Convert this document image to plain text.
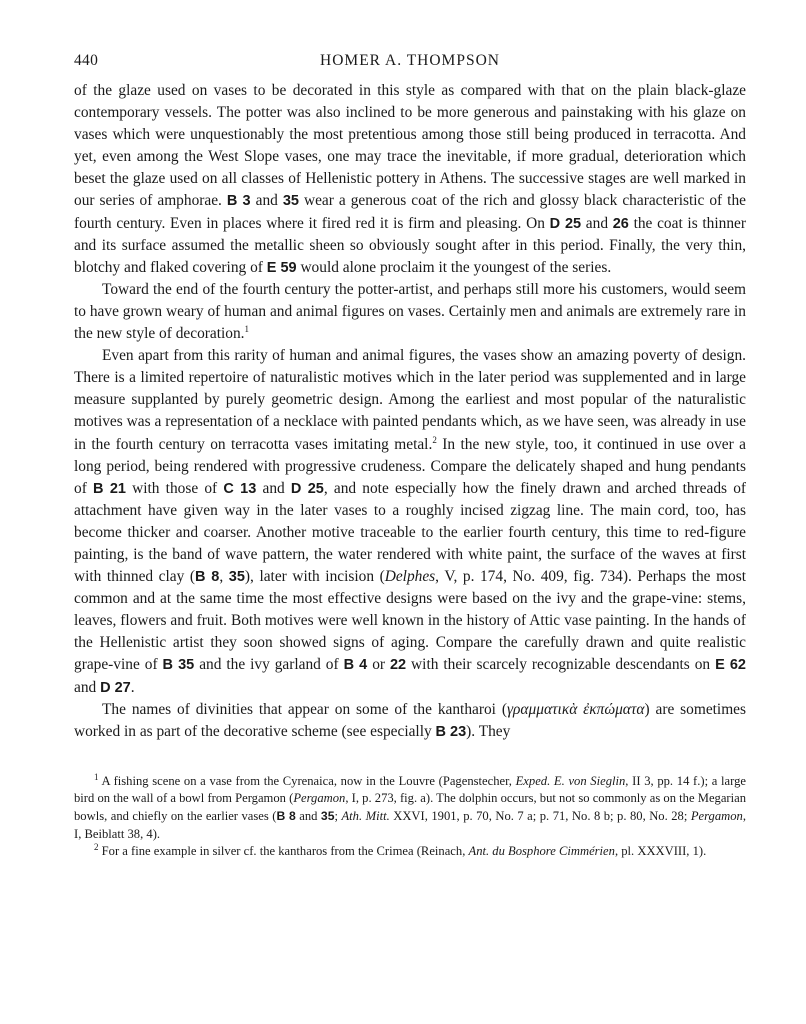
440	HOMER A. THOMPSON

of the glaze used on vases to be decorated in this style as compared with that on the plain black-glaze contemporary vessels. The potter was also inclined to be more generous and painstaking with his glaze on vases which were unquestionably the most pretentious among those still being produced in terracotta. And yet, even among the West Slope vases, one may trace the inevitable, if more gradual, deterioration which beset the glaze used on all classes of Hellenistic pottery in Athens. The successive stages are well marked in our series of amphorae. B 3 and 35 wear a generous coat of the rich and glossy black characteristic of the fourth century. Even in places where it fired red it is firm and pleasing. On D 25 and 26 the coat is thinner and its surface assumed the metallic sheen so obviously sought after in this period. Finally, the very thin, blotchy and flaked covering of E 59 would alone proclaim it the youngest of the series.

Toward the end of the fourth century the potter-artist, and perhaps still more his customers, would seem to have grown weary of human and animal figures on vases. Certainly men and animals are extremely rare in the new style of decoration.$^1$

Even apart from this rarity of human and animal figures, the vases show an amazing poverty of design. There is a limited repertoire of naturalistic motives which in the later period was supplemented and in large measure supplanted by purely geometric design. Among the earliest and most popular of the naturalistic motives was a representation of a necklace with painted pendants which, as we have seen, was already in use in the fourth century on terracotta vases imitating metal.$^2$ In the new style, too, it continued in use over a long period, being rendered with progressive crudeness. Compare the delicately shaped and hung pendants of B 21 with those of C 13 and D 25, and note especially how the finely drawn and arched threads of attachment have given way in the later vases to a roughly incised zigzag line. The main cord, too, has become thicker and coarser. Another motive traceable to the earlier fourth century, this time to red-figure painting, is the band of wave pattern, the water rendered with white paint, the surface of the waves at first with thinned clay (B 8, 35), later with incision (Delphes, V, p. 174, No. 409, fig. 734). Perhaps the most common and at the same time the most effective designs were based on the ivy and the grape-vine: stems, leaves, flowers and fruit. Both motives were well known in the history of Attic vase painting. In the hands of the Hellenistic artist they soon showed signs of aging. Compare the carefully drawn and quite realistic grape-vine of B 35 and the ivy garland of B 4 or 22 with their scarcely recognizable descendants on E 62 and D 27.

The names of divinities that appear on some of the kantharoi (γραμματικὰ ἐκπώματα) are sometimes worked in as part of the decorative scheme (see especially B 23). They

$^1$ A fishing scene on a vase from the Cyrenaica, now in the Louvre (Pagenstecher, Exped. E. von Sieglin, II 3, pp. 14 f.); a large bird on the wall of a bowl from Pergamon (Pergamon, I, p. 273, fig. a). The dolphin occurs, but not so commonly as on the Megarian bowls, and chiefly on the earlier vases (B 8 and 35; Ath. Mitt. XXVI, 1901, p. 70, No. 7 a; p. 71, No. 8 b; p. 80, No. 28; Pergamon, I, Beiblatt 38, 4).

$^2$ For a fine example in silver cf. the kantharos from the Crimea (Reinach, Ant. du Bosphore Cimmérien, pl. XXXVIII, 1).
